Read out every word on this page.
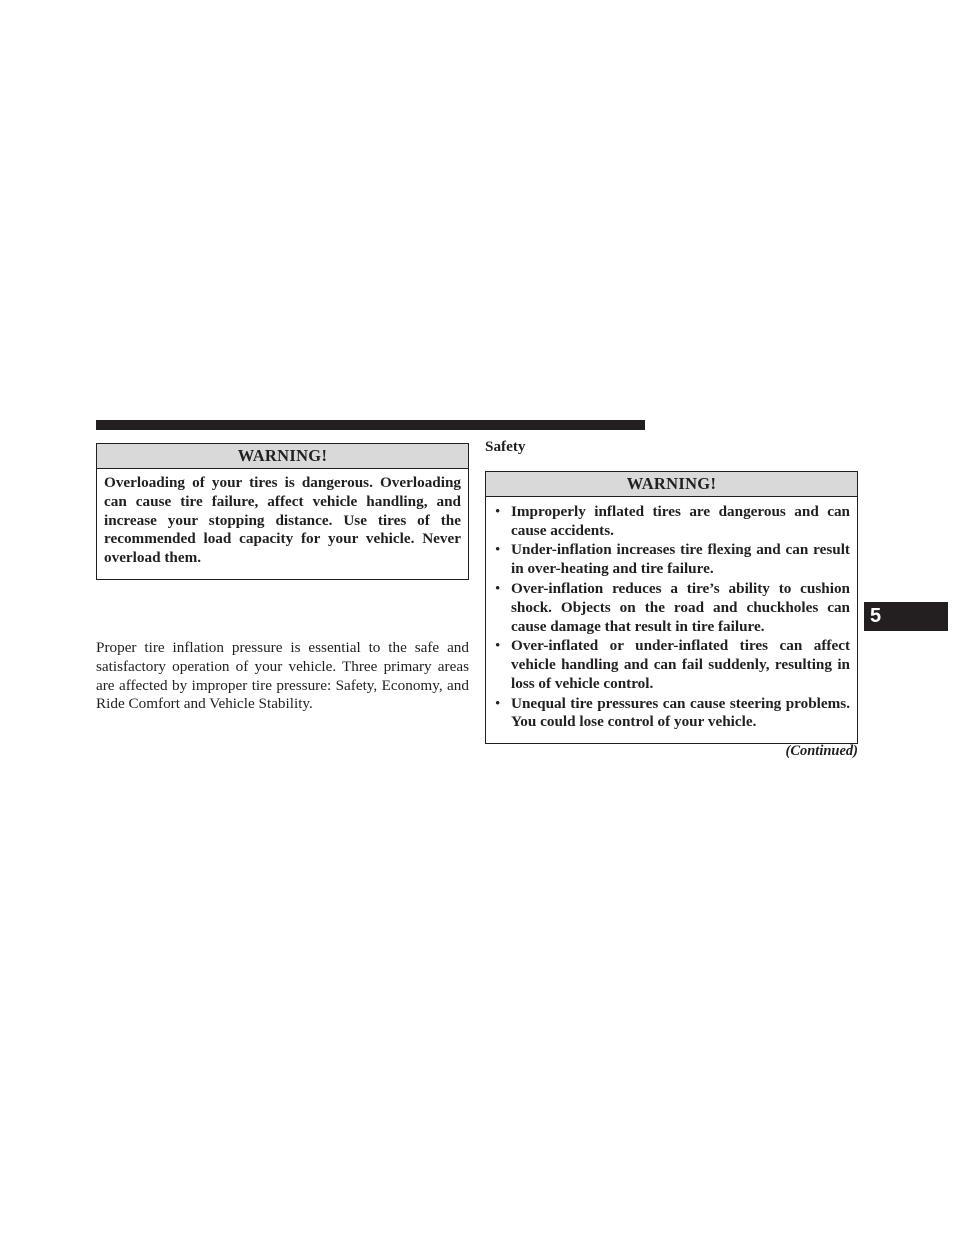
WARNING!
Overloading of your tires is dangerous. Overloading can cause tire failure, affect vehicle handling, and increase your stopping distance. Use tires of the recommended load capacity for your vehicle. Never overload them.
Proper tire inflation pressure is essential to the safe and satisfactory operation of your vehicle. Three primary areas are affected by improper tire pressure: Safety, Economy, and Ride Comfort and Vehicle Stability.
Safety
WARNING!
• Improperly inflated tires are dangerous and can cause accidents.
• Under-inflation increases tire flexing and can result in over-heating and tire failure.
• Over-inflation reduces a tire’s ability to cushion shock. Objects on the road and chuckholes can cause damage that result in tire failure.
• Over-inflated or under-inflated tires can affect vehicle handling and can fail suddenly, resulting in loss of vehicle control.
• Unequal tire pressures can cause steering problems. You could lose control of your vehicle.
(Continued)
5
